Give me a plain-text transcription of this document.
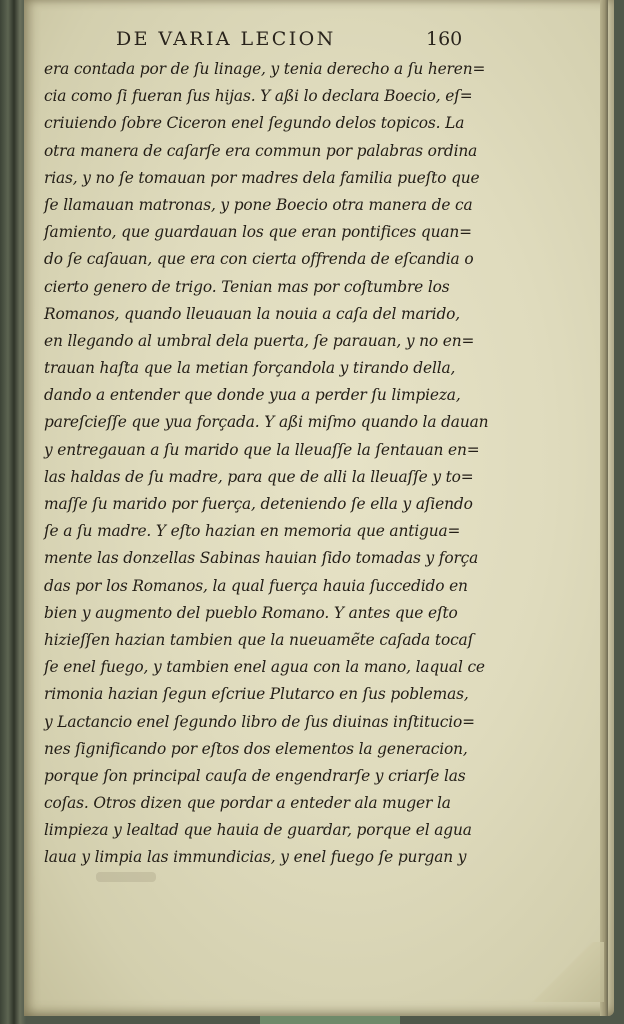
DE VARIA LECION	160
era contada por de ſu linage, y tenia derecho a ſu heren=
cia como ſi fueran ſus hijas. Y aßi lo declara Boecio, eſ=
criuiendo ſobre Ciceron enel ſegundo delos topicos. La
otra manera de caſarſe era commun por palabras ordina
rias, y no ſe tomauan por madres dela familia pueſto que
ſe llamauan matronas, y pone Boecio otra manera de ca
ſamiento, que guardauan los que eran pontifices quan=
do ſe caſauan, que era con cierta offrenda de eſcandia o
cierto genero de trigo. Tenian mas por coſtumbre los
Romanos, quando lleuauan la nouia a caſa del marido,
en llegando al umbral dela puerta, ſe parauan, y no en=
trauan haſta que la metian forçandola y tirando della,
dando a entender que donde yua a perder ſu limpieza,
pareſcieſſe que yua forçada. Y aßi miſmo quando la dauan
y entregauan a ſu marido que la lleuaſſe la ſentauan en=
las haldas de ſu madre, para que de alli la lleuaſſe y to=
maſſe ſu marido por fuerça, deteniendo ſe ella y aſiendo
ſe a ſu madre. Y eſto hazian en memoria que antigua=
mente las donzellas Sabinas hauian ſido tomadas y força
das por los Romanos, la qual fuerça hauia ſuccedido en
bien y augmento del pueblo Romano. Y antes que eſto
hizieſſen hazian tambien que la nueuamẽte caſada tocaſ
ſe enel fuego, y tambien enel agua con la mano, laqual ce
rimonia hazian ſegun eſcriue Plutarco en ſus poblemas,
y Lactancio enel ſegundo libro de ſus diuinas inſtitucio=
nes ſignificando por eſtos dos elementos la generacion,
porque ſon principal cauſa de engendrarſe y criarſe las
coſas. Otros dizen que pordar a enteder ala muger la
limpieza y lealtad que hauia de guardar, porque el agua
laua y limpia las immundicias, y enel fuego ſe purgan y
